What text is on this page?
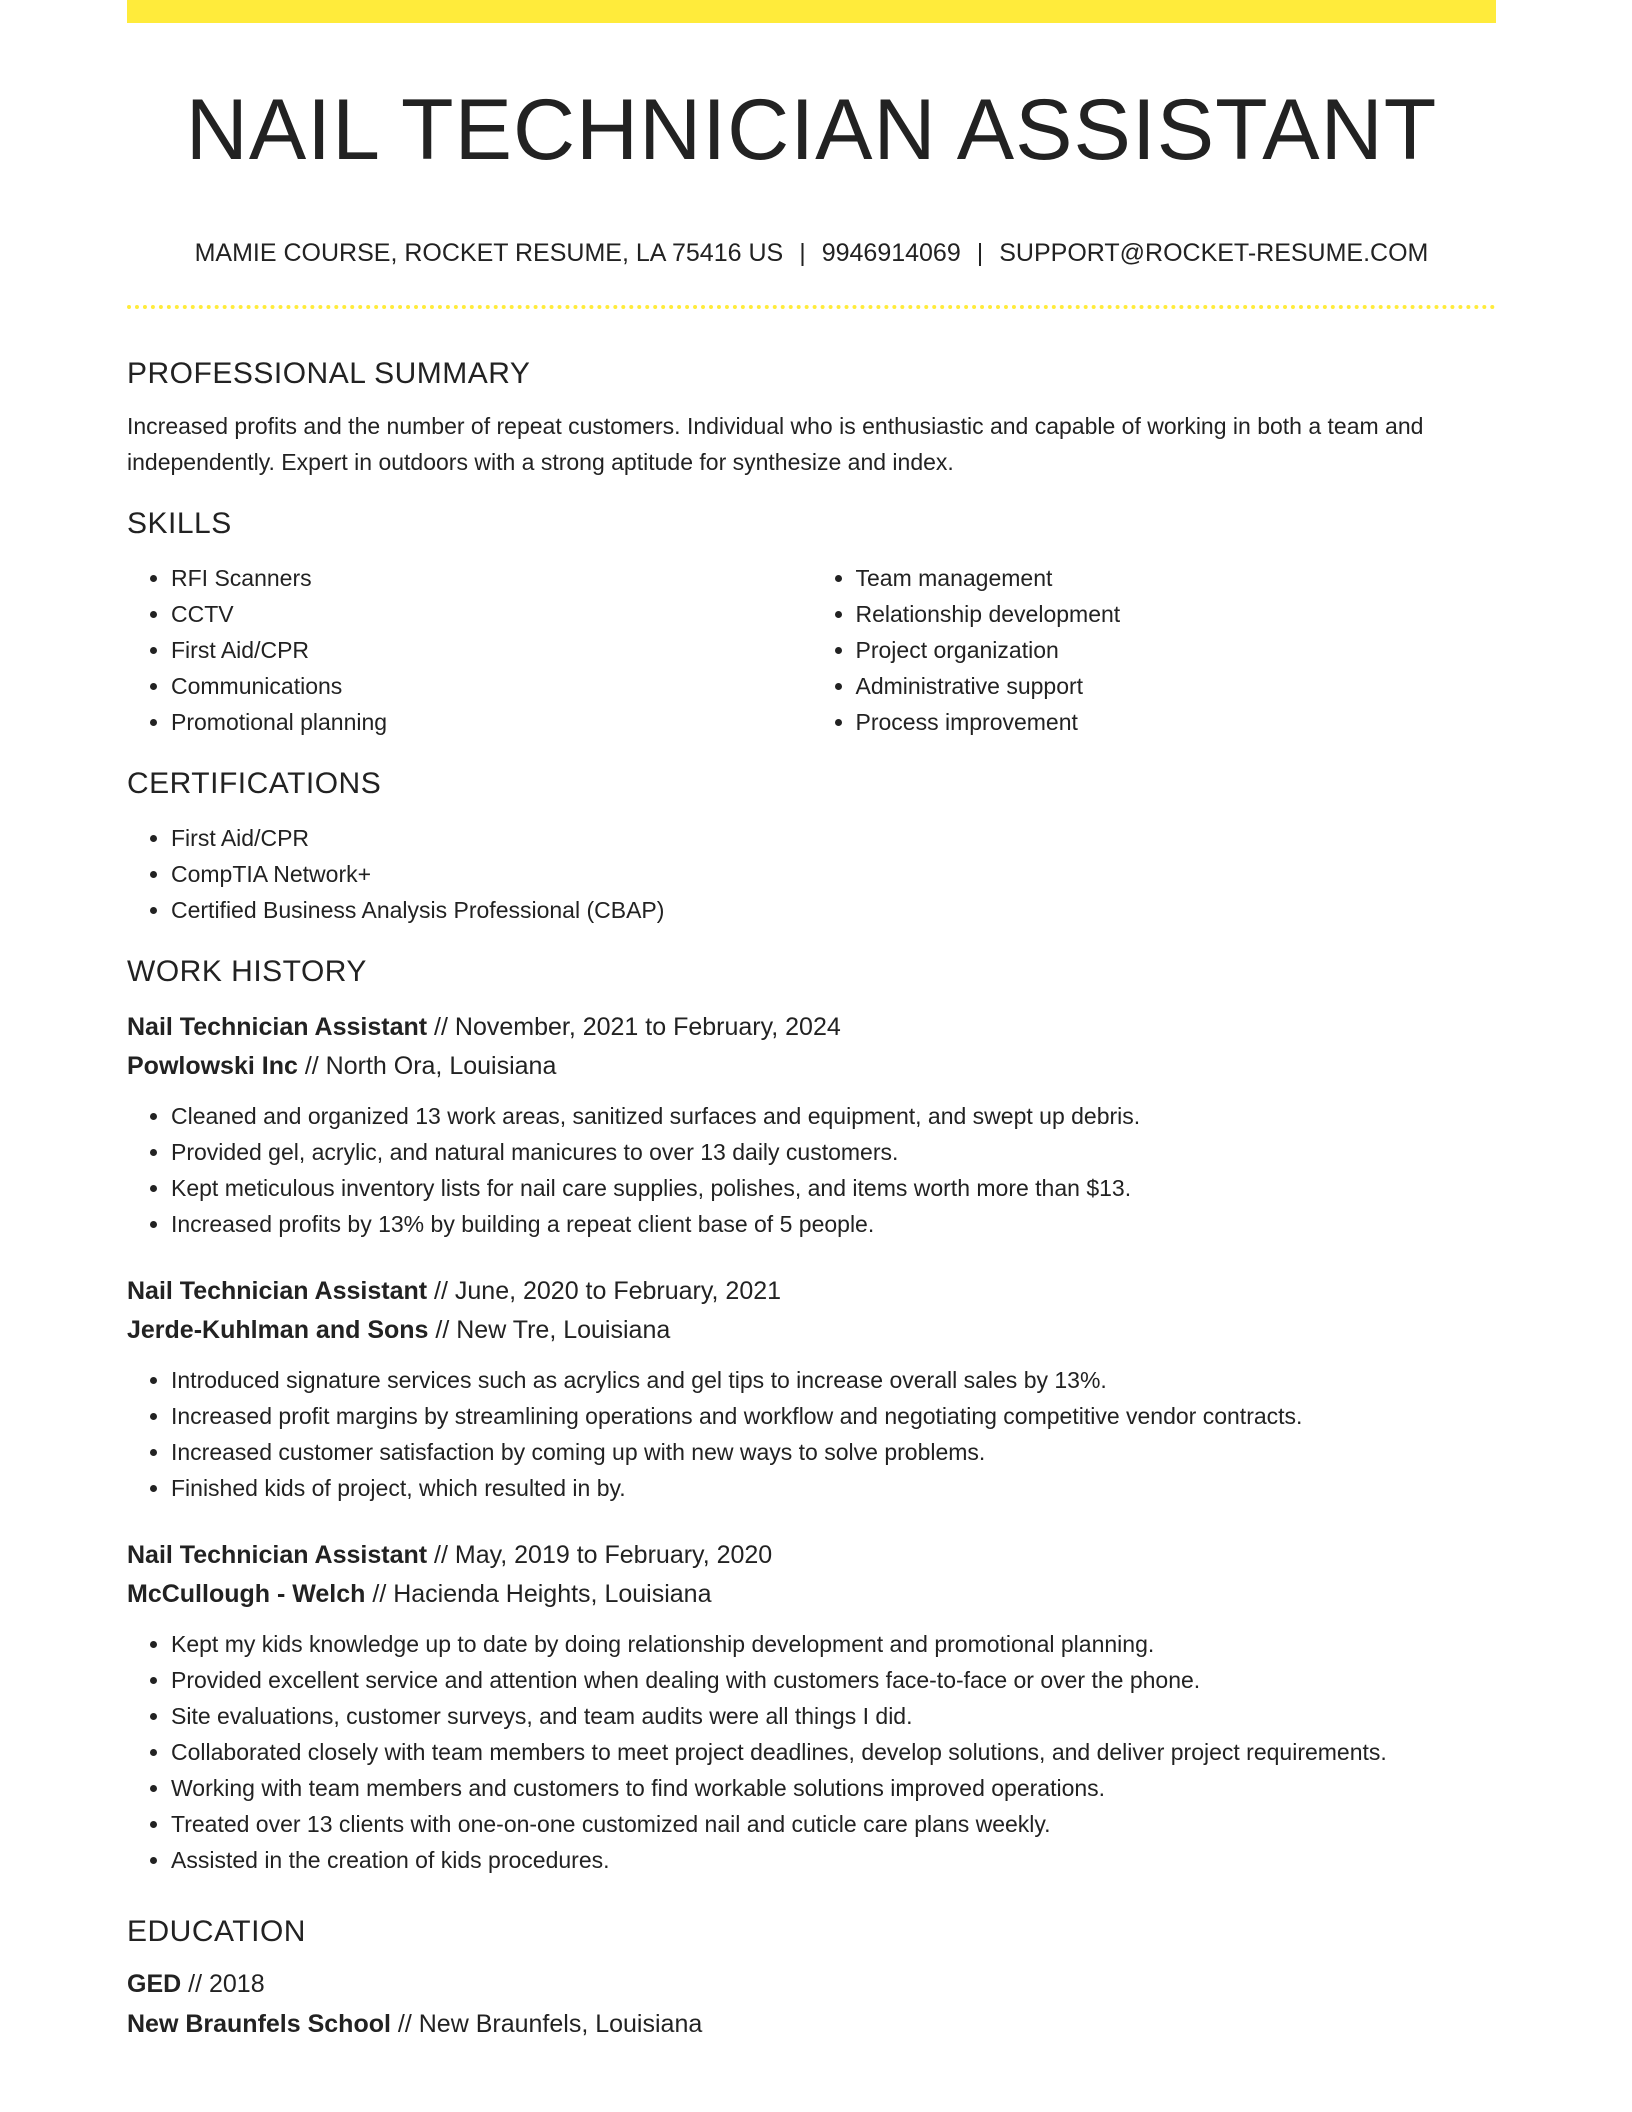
NAIL TECHNICIAN ASSISTANT
MAMIE COURSE, ROCKET RESUME, LA 75416 US | 9946914069 | SUPPORT@ROCKET-RESUME.COM
PROFESSIONAL SUMMARY

Increased profits and the number of repeat customers. Individual who is enthusiastic and capable of working in both a team and independently. Expert in outdoors with a strong aptitude for synthesize and index.

SKILLS
• RFI Scanners
• CCTV
• First Aid/CPR
• Communications
• Promotional planning
• Team management
• Relationship development
• Project organization
• Administrative support
• Process improvement
CERTIFICATIONS
• First Aid/CPR
• CompTIA Network+
• Certified Business Analysis Professional (CBAP)
WORK HISTORY

Nail Technician Assistant // November, 2021 to February, 2024

Powlowski Inc // North Ora, Louisiana

• Cleaned and organized 13 work areas, sanitized surfaces and equipment, and swept up debris.
• Provided gel, acrylic, and natural manicures to over 13 daily customers.
• Kept meticulous inventory lists for nail care supplies, polishes, and items worth more than $13.
• Increased profits by 13% by building a repeat client base of 5 people.

Nail Technician Assistant // June, 2020 to February, 2021

Jerde-Kuhlman and Sons // New Tre, Louisiana

• Introduced signature services such as acrylics and gel tips to increase overall sales by 13%.
• Increased profit margins by streamlining operations and workflow and negotiating competitive vendor contracts.
• Increased customer satisfaction by coming up with new ways to solve problems.
• Finished kids of project, which resulted in by.

Nail Technician Assistant // May, 2019 to February, 2020

McCullough - Welch // Hacienda Heights, Louisiana

• Kept my kids knowledge up to date by doing relationship development and promotional planning.
• Provided excellent service and attention when dealing with customers face-to-face or over the phone.
• Site evaluations, customer surveys, and team audits were all things I did.
• Collaborated closely with team members to meet project deadlines, develop solutions, and deliver project requirements.
• Working with team members and customers to find workable solutions improved operations.
• Treated over 13 clients with one-on-one customized nail and cuticle care plans weekly.
• Assisted in the creation of kids procedures.
EDUCATION
GED // 2018
New Braunfels School // New Braunfels, Louisiana
